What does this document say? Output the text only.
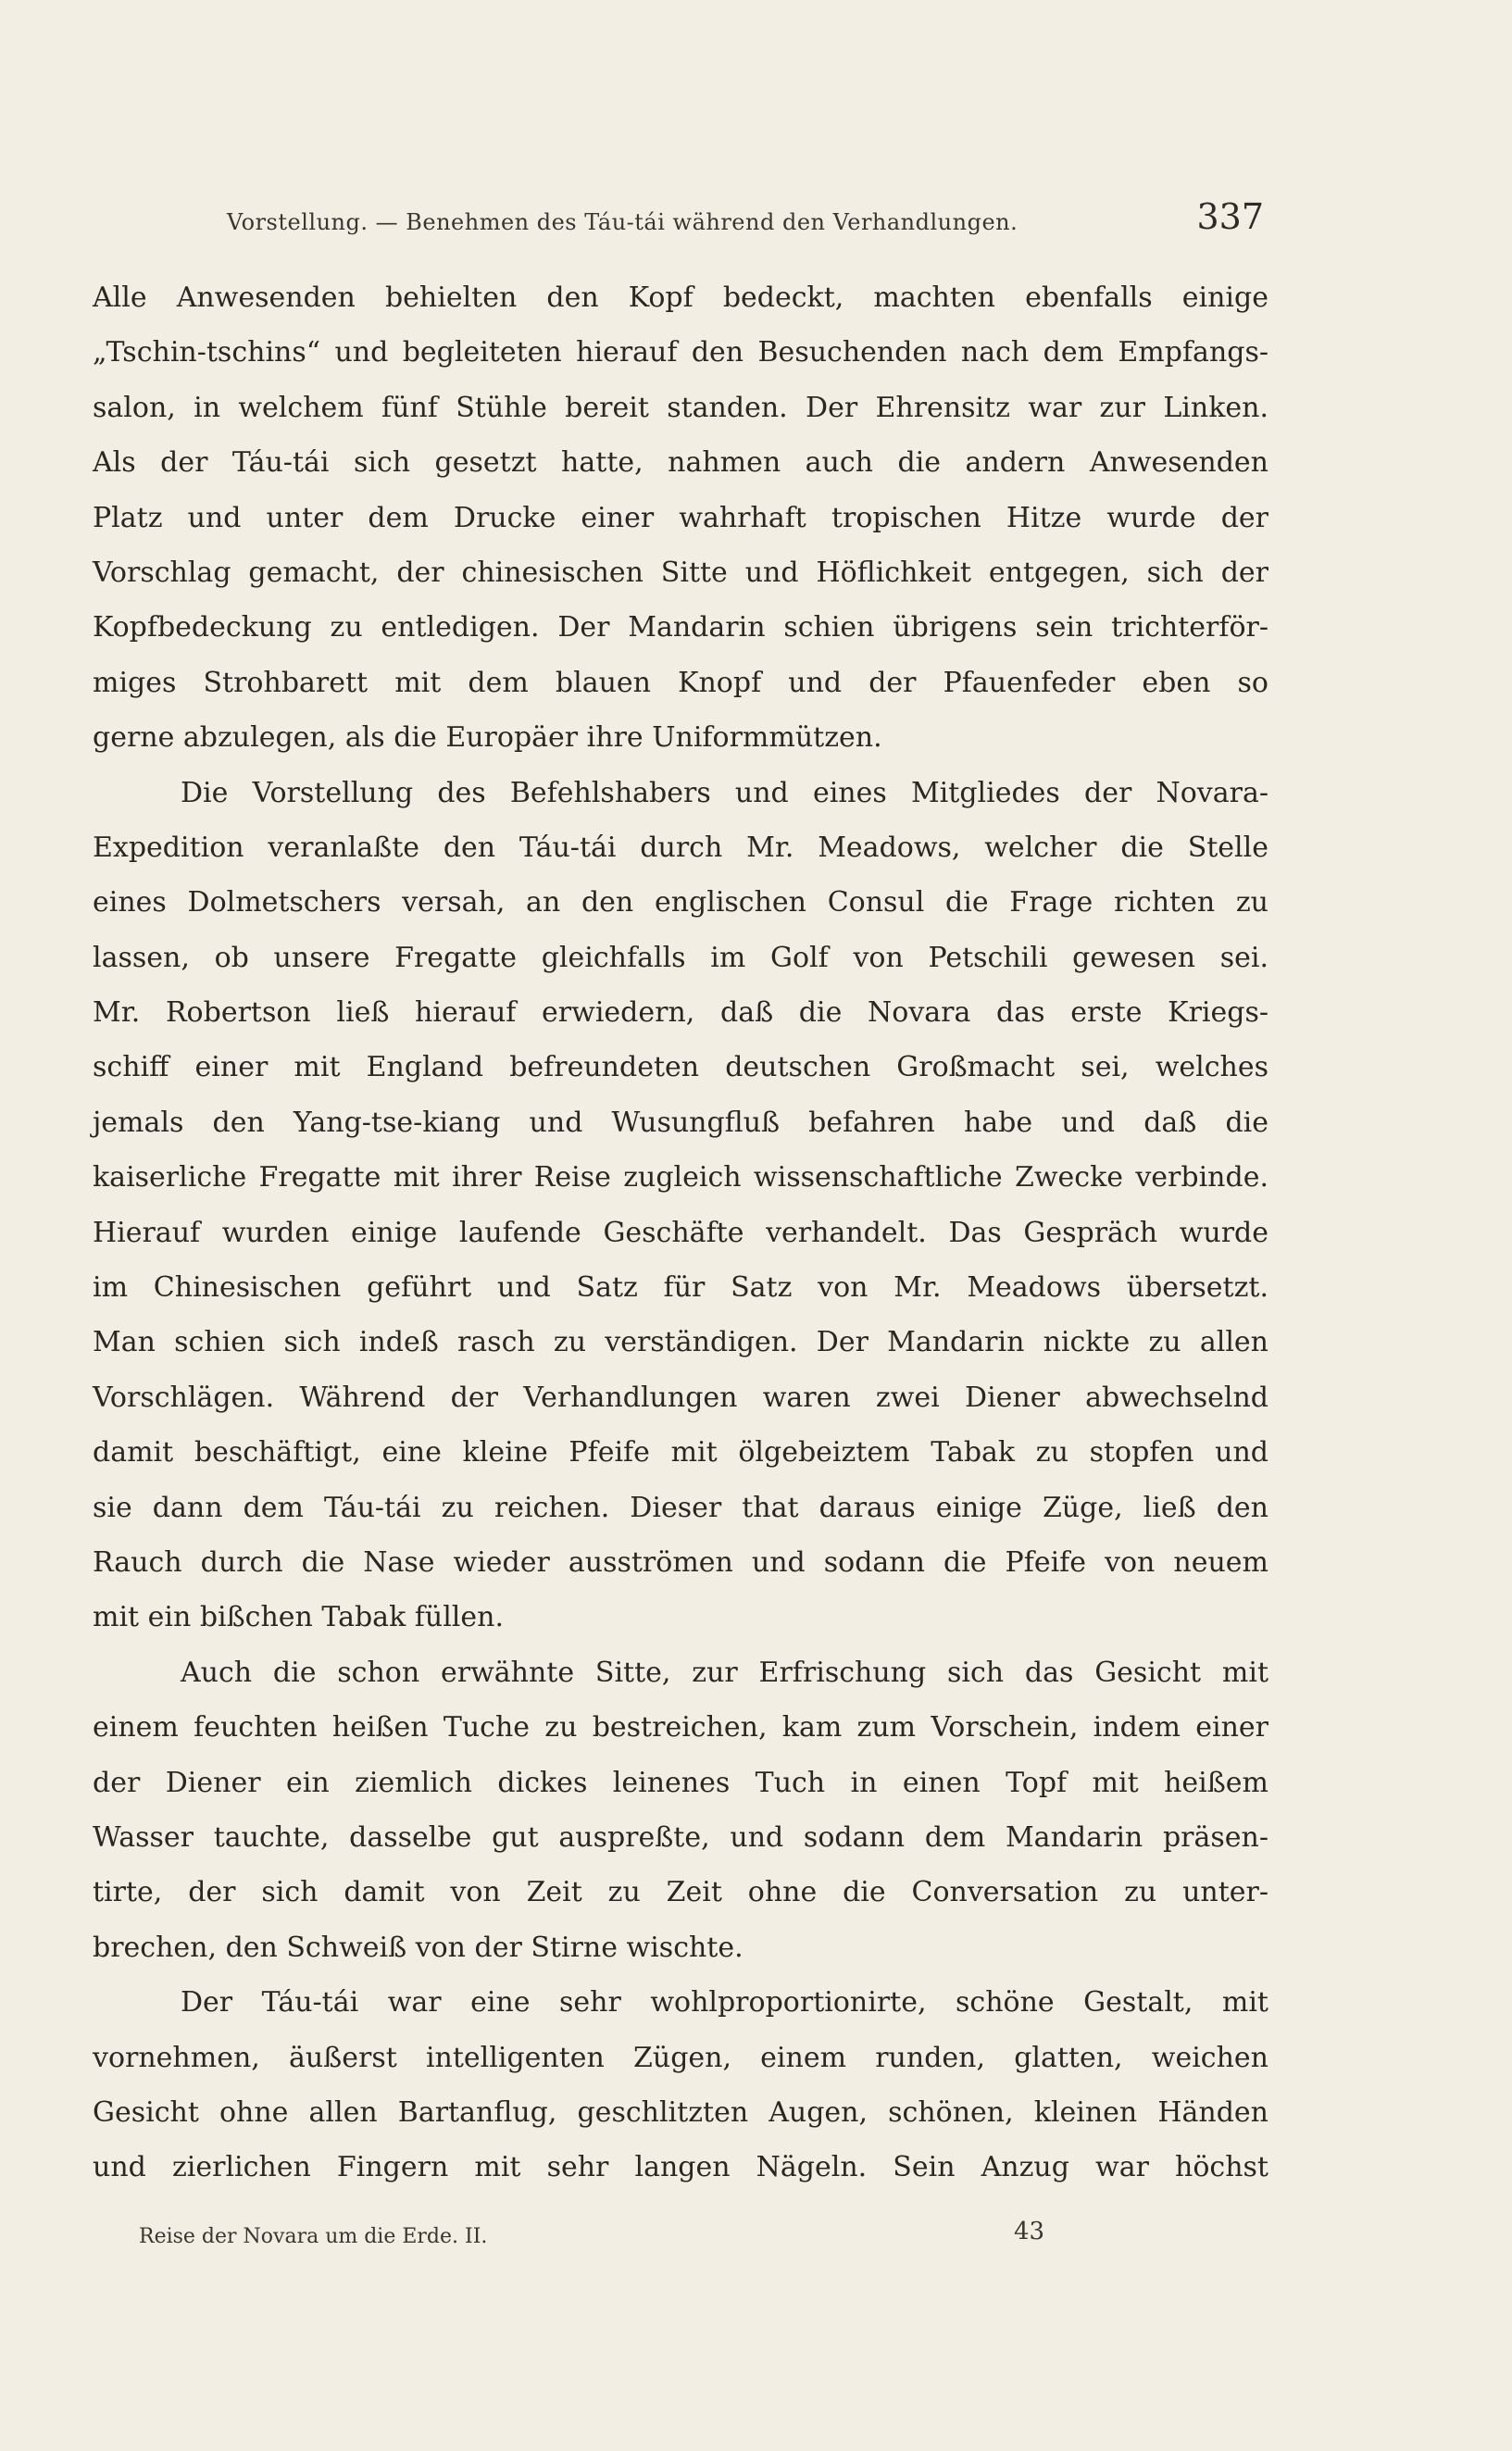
Vorstellung. — Benehmen des Táu-tái während den Verhandlungen.	337
Alle Anwesenden behielten den Kopf bedeckt, machten ebenfalls einige
„Tschin-tschins“ und begleiteten hierauf den Besuchenden nach dem Empfangs-
salon, in welchem fünf Stühle bereit standen. Der Ehrensitz war zur Linken.
Als der Táu-tái sich gesetzt hatte, nahmen auch die andern Anwesenden
Platz und unter dem Drucke einer wahrhaft tropischen Hitze wurde der
Vorschlag gemacht, der chinesischen Sitte und Höflichkeit entgegen, sich der
Kopfbedeckung zu entledigen. Der Mandarin schien übrigens sein trichterför-
miges Strohbarett mit dem blauen Knopf und der Pfauenfeder eben so
gerne abzulegen, als die Europäer ihre Uniformmützen.
Die Vorstellung des Befehlshabers und eines Mitgliedes der Novara-
Expedition veranlaßte den Táu-tái durch Mr. Meadows, welcher die Stelle
eines Dolmetschers versah, an den englischen Consul die Frage richten zu
lassen, ob unsere Fregatte gleichfalls im Golf von Petschili gewesen sei.
Mr. Robertson ließ hierauf erwiedern, daß die Novara das erste Kriegs-
schiff einer mit England befreundeten deutschen Großmacht sei, welches
jemals den Yang-tse-kiang und Wusungfluß befahren habe und daß die
kaiserliche Fregatte mit ihrer Reise zugleich wissenschaftliche Zwecke verbinde.
Hierauf wurden einige laufende Geschäfte verhandelt. Das Gespräch wurde
im Chinesischen geführt und Satz für Satz von Mr. Meadows übersetzt.
Man schien sich indeß rasch zu verständigen. Der Mandarin nickte zu allen
Vorschlägen. Während der Verhandlungen waren zwei Diener abwechselnd
damit beschäftigt, eine kleine Pfeife mit ölgebeiztem Tabak zu stopfen und
sie dann dem Táu-tái zu reichen. Dieser that daraus einige Züge, ließ den
Rauch durch die Nase wieder ausströmen und sodann die Pfeife von neuem
mit ein bißchen Tabak füllen.
Auch die schon erwähnte Sitte, zur Erfrischung sich das Gesicht mit
einem feuchten heißen Tuche zu bestreichen, kam zum Vorschein, indem einer
der Diener ein ziemlich dickes leinenes Tuch in einen Topf mit heißem
Wasser tauchte, dasselbe gut auspreßte, und sodann dem Mandarin präsen-
tirte, der sich damit von Zeit zu Zeit ohne die Conversation zu unter-
brechen, den Schweiß von der Stirne wischte.
Der Táu-tái war eine sehr wohlproportionirte, schöne Gestalt, mit
vornehmen, äußerst intelligenten Zügen, einem runden, glatten, weichen
Gesicht ohne allen Bartanflug, geschlitzten Augen, schönen, kleinen Händen
und zierlichen Fingern mit sehr langen Nägeln. Sein Anzug war höchst
Reise der Novara um die Erde. II.	43
